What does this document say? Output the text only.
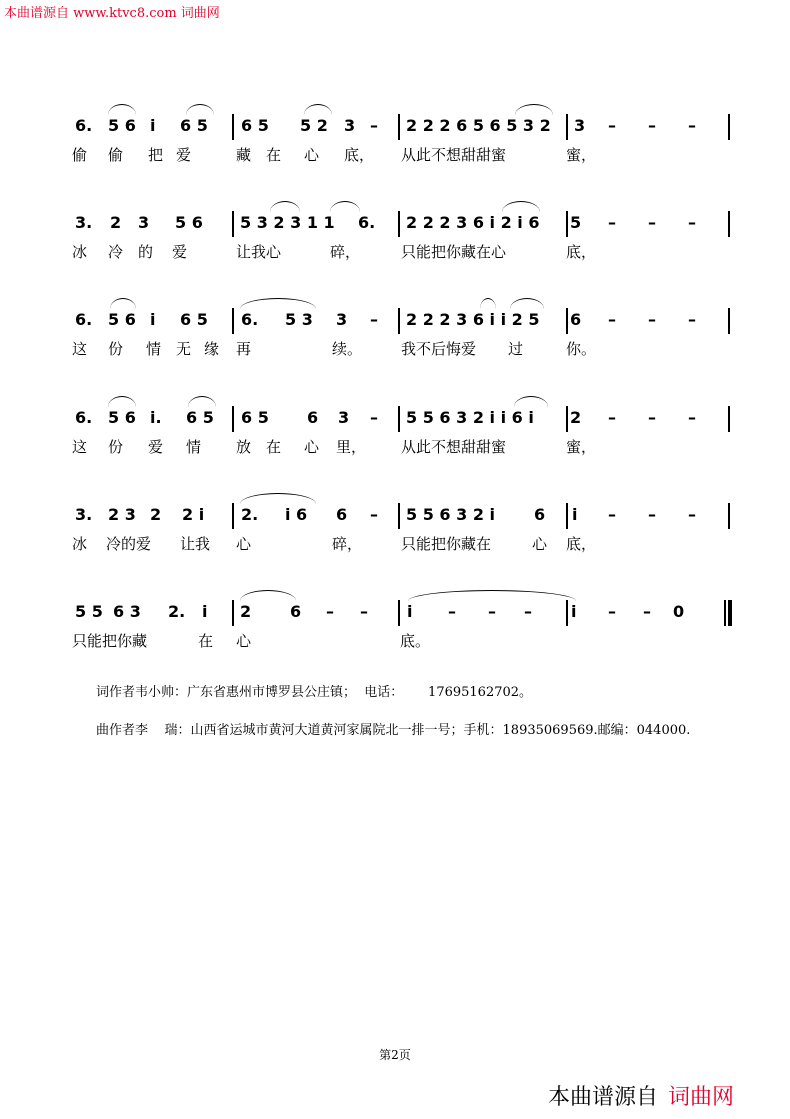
本曲谱源自 www.ktvc8.com 词曲网
6. 5 6 i 6 5 6 5 5 2 3 – 2 2 2 6 5 6 5 3 2 3 – – –
偷 偷 把 爱	藏 在 心 底， 从此不想甜甜蜜	蜜，
3. 2 3 5 6 5 3 2 3 1 1 6. 2 2 2 3 6 i 2 i 6 5 – – –
冰 冷 的 爱	让我心	碎，	只能把你藏在心	底，
6. 5 6 i 6 5 6. 5 3 3 – 2 2 2 3 6 i i 2 5 6 – – –
这 份 情 无 缘 再	续。	我不后悔爱 过	你。
6. 5 6 i. 6 5 6 5 6 3 – 5 5 6 3 2 i i 6 i 2 – – –
这 份 爱 情 放 在 心 里， 从此不想甜甜蜜	蜜，
3. 2 3 2 2 i 2. i 6 6 – 5 5 6 3 2 i 6 i – – –
冰 冷的爱 让我 心	碎，	只能把你藏在	心 底，
5 5 6 3 2. i 2 6 – – i – – – i – – 0
只能把你藏	在 心	底。
词作者韦小帅：广东省惠州市博罗县公庄镇；  电话：      17695162702。
曲作者李    瑞：山西省运城市黄河大道黄河家属院北一排一号；手机：18935069569.邮编：044000.
第2页
本曲谱源自 词曲网
